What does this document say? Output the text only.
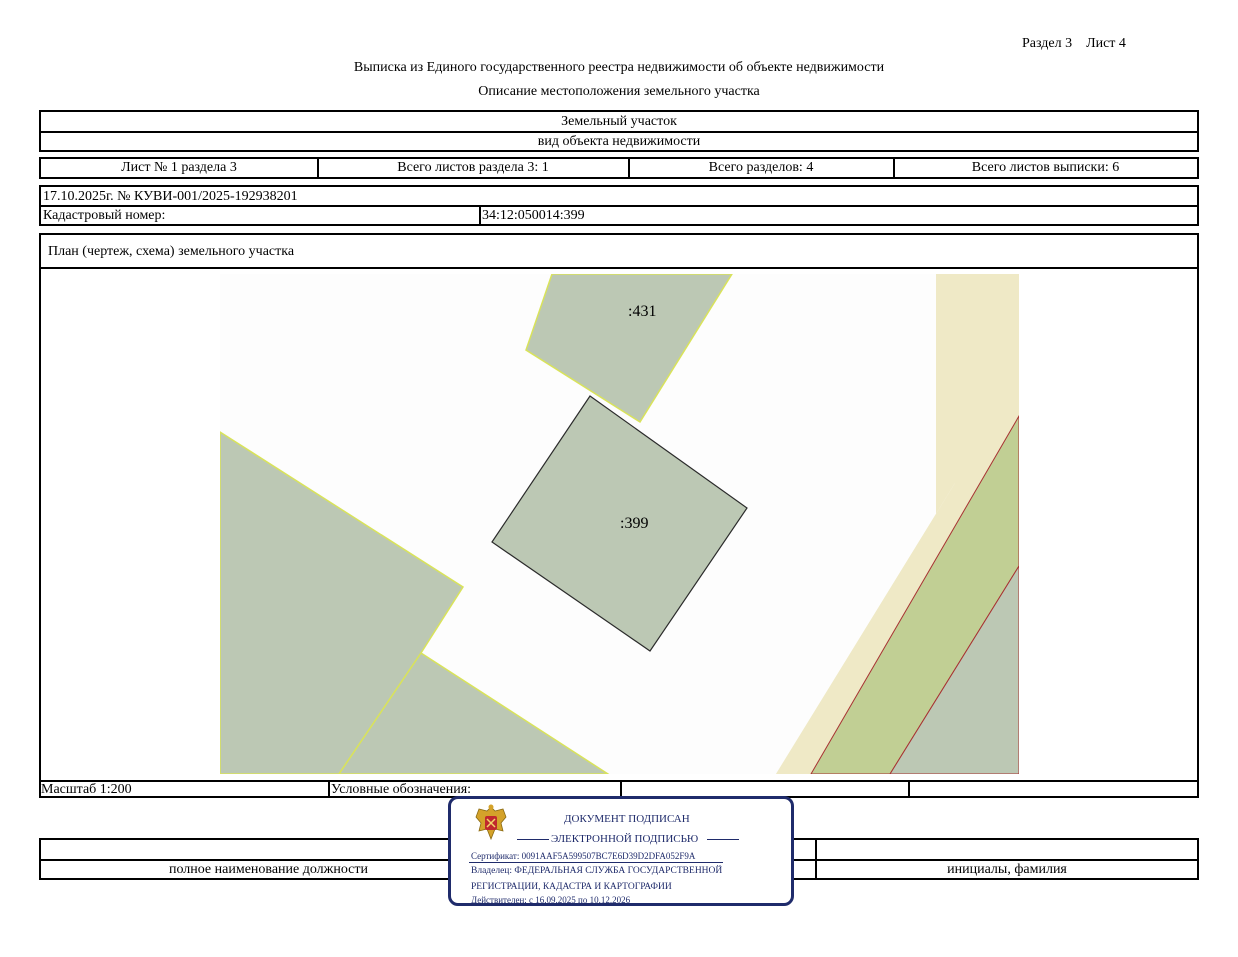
Раздел 3    Лист 4
Выписка из Единого государственного реестра недвижимости об объекте недвижимости
Описание местоположения земельного участка
Земельный участок
вид объекта недвижимости
Лист № 1 раздела 3	Всего листов раздела 3: 1	Всего разделов: 4	Всего листов выписки: 6
17.10.2025г. № КУВИ-001/2025-192938201
Кадастровый номер:	34:12:050014:399
План (чертеж, схема) земельного участка
:431
:399
Масштаб 1:200	Условные обозначения:
полное наименование должности	инициалы, фамилия
ДОКУМЕНТ ПОДПИСАН
ЭЛЕКТРОННОЙ ПОДПИСЬЮ
Сертификат: 0091AAF5A599507BC7E6D39D2DFA052F9A
Владелец: ФЕДЕРАЛЬНАЯ СЛУЖБА ГОСУДАРСТВЕННОЙ
РЕГИСТРАЦИИ, КАДАСТРА И КАРТОГРАФИИ
Действителен: с 16.09.2025 по 10.12.2026
